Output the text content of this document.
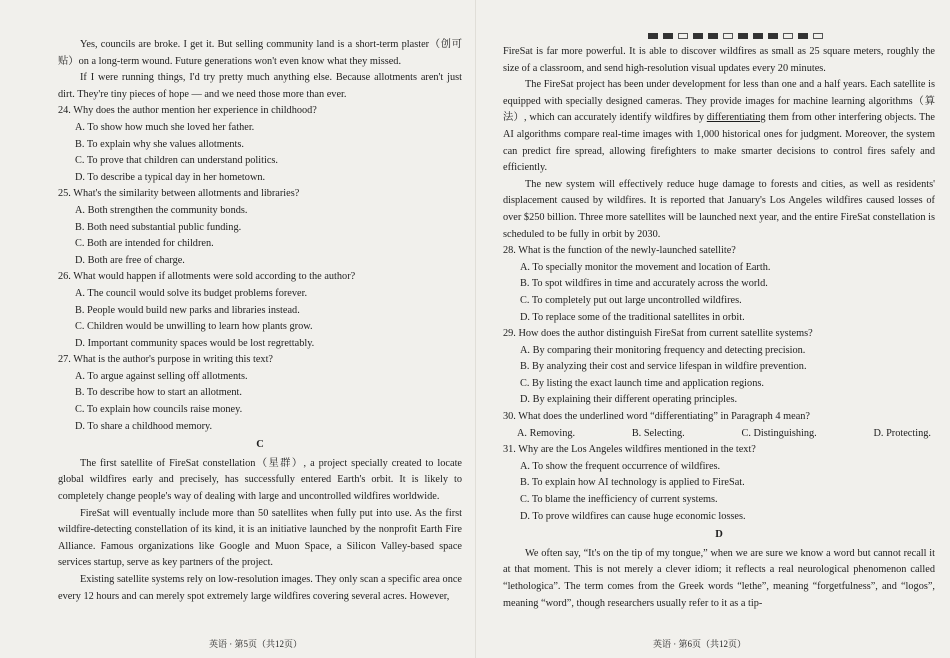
Yes, councils are broke. I get it. But selling community land is a short-term plaster（创可贴）on a long-term wound. Future generations won't even know what they missed.

If I were running things, I'd try pretty much anything else. Because allotments aren't just dirt. They're tiny pieces of hope — and we need those more than ever.

24. Why does the author mention her experience in childhood?

A. To show how much she loved her father.

B. To explain why she values allotments.

C. To prove that children can understand politics.

D. To describe a typical day in her hometown.

25. What's the similarity between allotments and libraries?

A. Both strengthen the community bonds.

B. Both need substantial public funding.

C. Both are intended for children.

D. Both are free of charge.

26. What would happen if allotments were sold according to the author?

A. The council would solve its budget problems forever.

B. People would build new parks and libraries instead.

C. Children would be unwilling to learn how plants grow.

D. Important community spaces would be lost regrettably.

27. What is the author's purpose in writing this text?

A. To argue against selling off allotments.

B. To describe how to start an allotment.

C. To explain how councils raise money.

D. To share a childhood memory.

C

The first satellite of FireSat constellation（星群）, a project specially created to locate global wildfires early and precisely, has successfully entered Earth's orbit. It is likely to completely change people's way of dealing with large and uncontrolled wildfires worldwide.

FireSat will eventually include more than 50 satellites when fully put into use. As the first wildfire-detecting constellation of its kind, it is an initiative launched by the nonprofit Earth Fire Alliance. Famous organizations like Google and Muon Space, a Silicon Valley-based space services startup, serve as key partners of the project.

Existing satellite systems rely on low-resolution images. They only scan a specific area once every 12 hours and can merely spot extremely large wildfires covering several acres. However,

英语 · 第5页（共12页）

FireSat is far more powerful. It is able to discover wildfires as small as 25 square meters, roughly the size of a classroom, and send high-resolution visual updates every 20 minutes.

The FireSat project has been under development for less than one and a half years. Each satellite is equipped with specially designed cameras. They provide images for machine learning algorithms（算法）, which can accurately identify wildfires by differentiating them from other interfering objects. The AI algorithms compare real-time images with 1,000 historical ones for judgment. Moreover, the system can predict fire spread, allowing firefighters to make smarter decisions to control fires safely and efficiently.

The new system will effectively reduce huge damage to forests and cities, as well as residents' displacement caused by wildfires. It is reported that January's Los Angeles wildfires caused losses of over $250 billion. Three more satellites will be launched next year, and the entire FireSat constellation is scheduled to be fully in orbit by 2030.

28. What is the function of the newly-launched satellite?

A. To specially monitor the movement and location of Earth.

B. To spot wildfires in time and accurately across the world.

C. To completely put out large uncontrolled wildfires.

D. To replace some of the traditional satellites in orbit.

29. How does the author distinguish FireSat from current satellite systems?

A. By comparing their monitoring frequency and detecting precision.

B. By analyzing their cost and service lifespan in wildfire prevention.

C. By listing the exact launch time and application regions.

D. By explaining their different operating principles.

30. What does the underlined word “differentiating” in Paragraph 4 mean?

A. Removing.	B. Selecting.	C. Distinguishing.	D. Protecting.

31. Why are the Los Angeles wildfires mentioned in the text?

A. To show the frequent occurrence of wildfires.

B. To explain how AI technology is applied to FireSat.

C. To blame the inefficiency of current systems.

D. To prove wildfires can cause huge economic losses.

D

We often say, “It's on the tip of my tongue,” when we are sure we know a word but cannot recall it at that moment. This is not merely a clever idiom; it reflects a real neurological phenomenon called “lethologica”. The term comes from the Greek words “lethe”, meaning “forgetfulness”, and “logos”, meaning “word”, though researchers usually refer to it as a tip-

英语 · 第6页（共12页）
